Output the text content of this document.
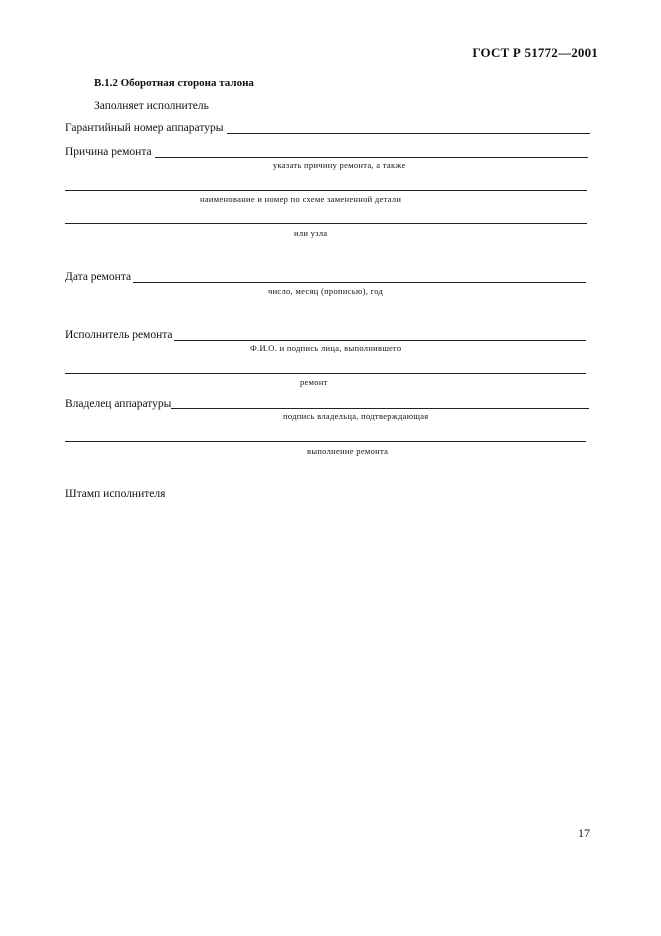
ГОСТ Р 51772—2001
В.1.2 Оборотная сторона талона
Заполняет исполнитель
Гарантийный номер аппаратуры
Причина ремонта
указать причину ремонта, а также
наименование и номер по схеме замененной детали
или узла
Дата ремонта
число, месяц (прописью), год
Исполнитель ремонта
Ф.И.О. и подпись лица, выполнившего
ремонт
Владелец аппаратуры
подпись владельца, подтверждающая
выполнение ремонта
Штамп исполнителя
17
